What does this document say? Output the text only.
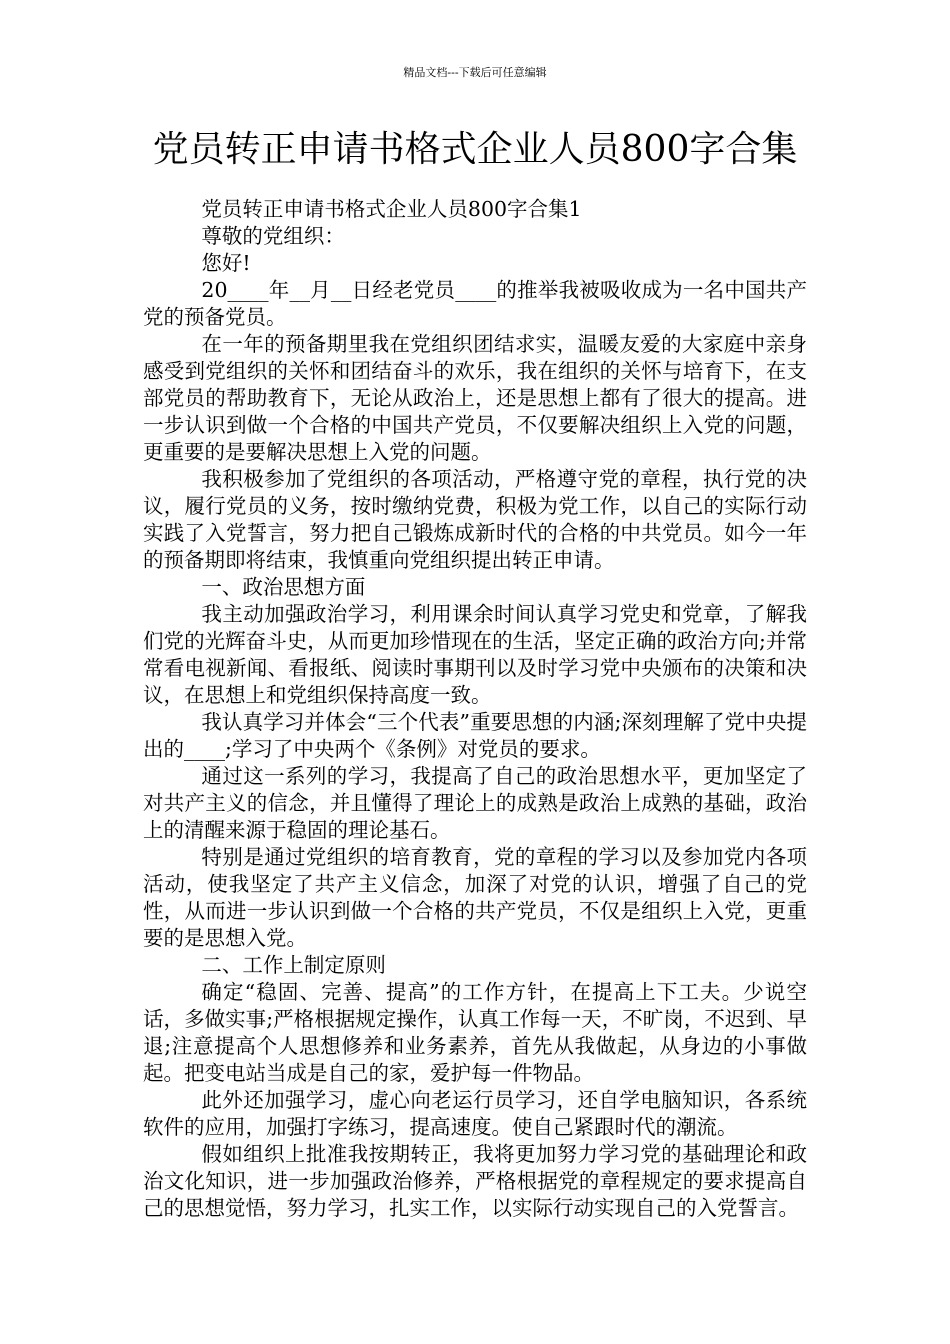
精品文档---下载后可任意编辑
党员转正申请书格式企业人员800字合集

党员转正申请书格式企业人员800字合集1

尊敬的党组织：

您好!

20____年__月__日经老党员____的推举我被吸收成为一名中国共产党的预备党员。

在一年的预备期里我在党组织团结求实，温暖友爱的大家庭中亲身感受到党组织的关怀和团结奋斗的欢乐，我在组织的关怀与培育下，在支部党员的帮助教育下，无论从政治上，还是思想上都有了很大的提高。进一步认识到做一个合格的中国共产党员，不仅要解决组织上入党的问题，更重要的是要解决思想上入党的问题。

我积极参加了党组织的各项活动，严格遵守党的章程，执行党的决议，履行党员的义务，按时缴纳党费，积极为党工作，以自己的实际行动实践了入党誓言，努力把自己锻炼成新时代的合格的中共党员。如今一年的预备期即将结束，我慎重向党组织提出转正申请。

一、政治思想方面

我主动加强政治学习，利用课余时间认真学习党史和党章，了解我们党的光辉奋斗史，从而更加珍惜现在的生活，坚定正确的政治方向;并常常看电视新闻、看报纸、阅读时事期刊以及时学习党中央颁布的决策和决议，在思想上和党组织保持高度一致。

我认真学习并体会“三个代表”重要思想的内涵;深刻理解了党中央提出的____;学习了中央两个《条例》对党员的要求。

通过这一系列的学习，我提高了自己的政治思想水平，更加坚定了对共产主义的信念，并且懂得了理论上的成熟是政治上成熟的基础，政治上的清醒来源于稳固的理论基石。

特别是通过党组织的培育教育，党的章程的学习以及参加党内各项活动，使我坚定了共产主义信念，加深了对党的认识，增强了自己的党性，从而进一步认识到做一个合格的共产党员，不仅是组织上入党，更重要的是思想入党。

二、工作上制定原则

确定“稳固、完善、提高”的工作方针，在提高上下工夫。少说空话，多做实事;严格根据规定操作，认真工作每一天，不旷岗，不迟到、早退;注意提高个人思想修养和业务素养，首先从我做起，从身边的小事做起。把变电站当成是自己的家，爱护每一件物品。

此外还加强学习，虚心向老运行员学习，还自学电脑知识，各系统软件的应用，加强打字练习，提高速度。使自己紧跟时代的潮流。

假如组织上批准我按期转正，我将更加努力学习党的基础理论和政治文化知识，进一步加强政治修养，严格根据党的章程规定的要求提高自己的思想觉悟，努力学习，扎实工作，以实际行动实现自己的入党誓言。
